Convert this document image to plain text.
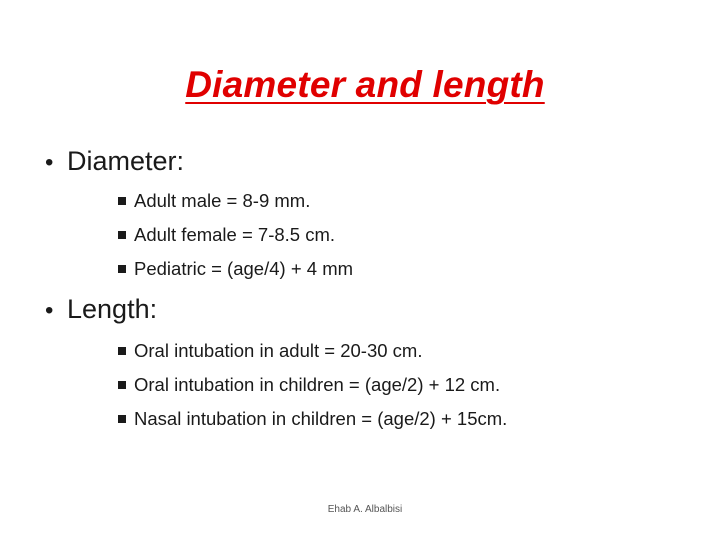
Diameter and length
• Diameter:
Adult male = 8-9 mm.
Adult female = 7-8.5 cm.
Pediatric = (age/4) + 4 mm
• Length:
Oral intubation in adult = 20-30 cm.
Oral intubation in children = (age/2) + 12 cm.
Nasal intubation in children = (age/2) + 15cm.
Ehab A. Albalbisi
